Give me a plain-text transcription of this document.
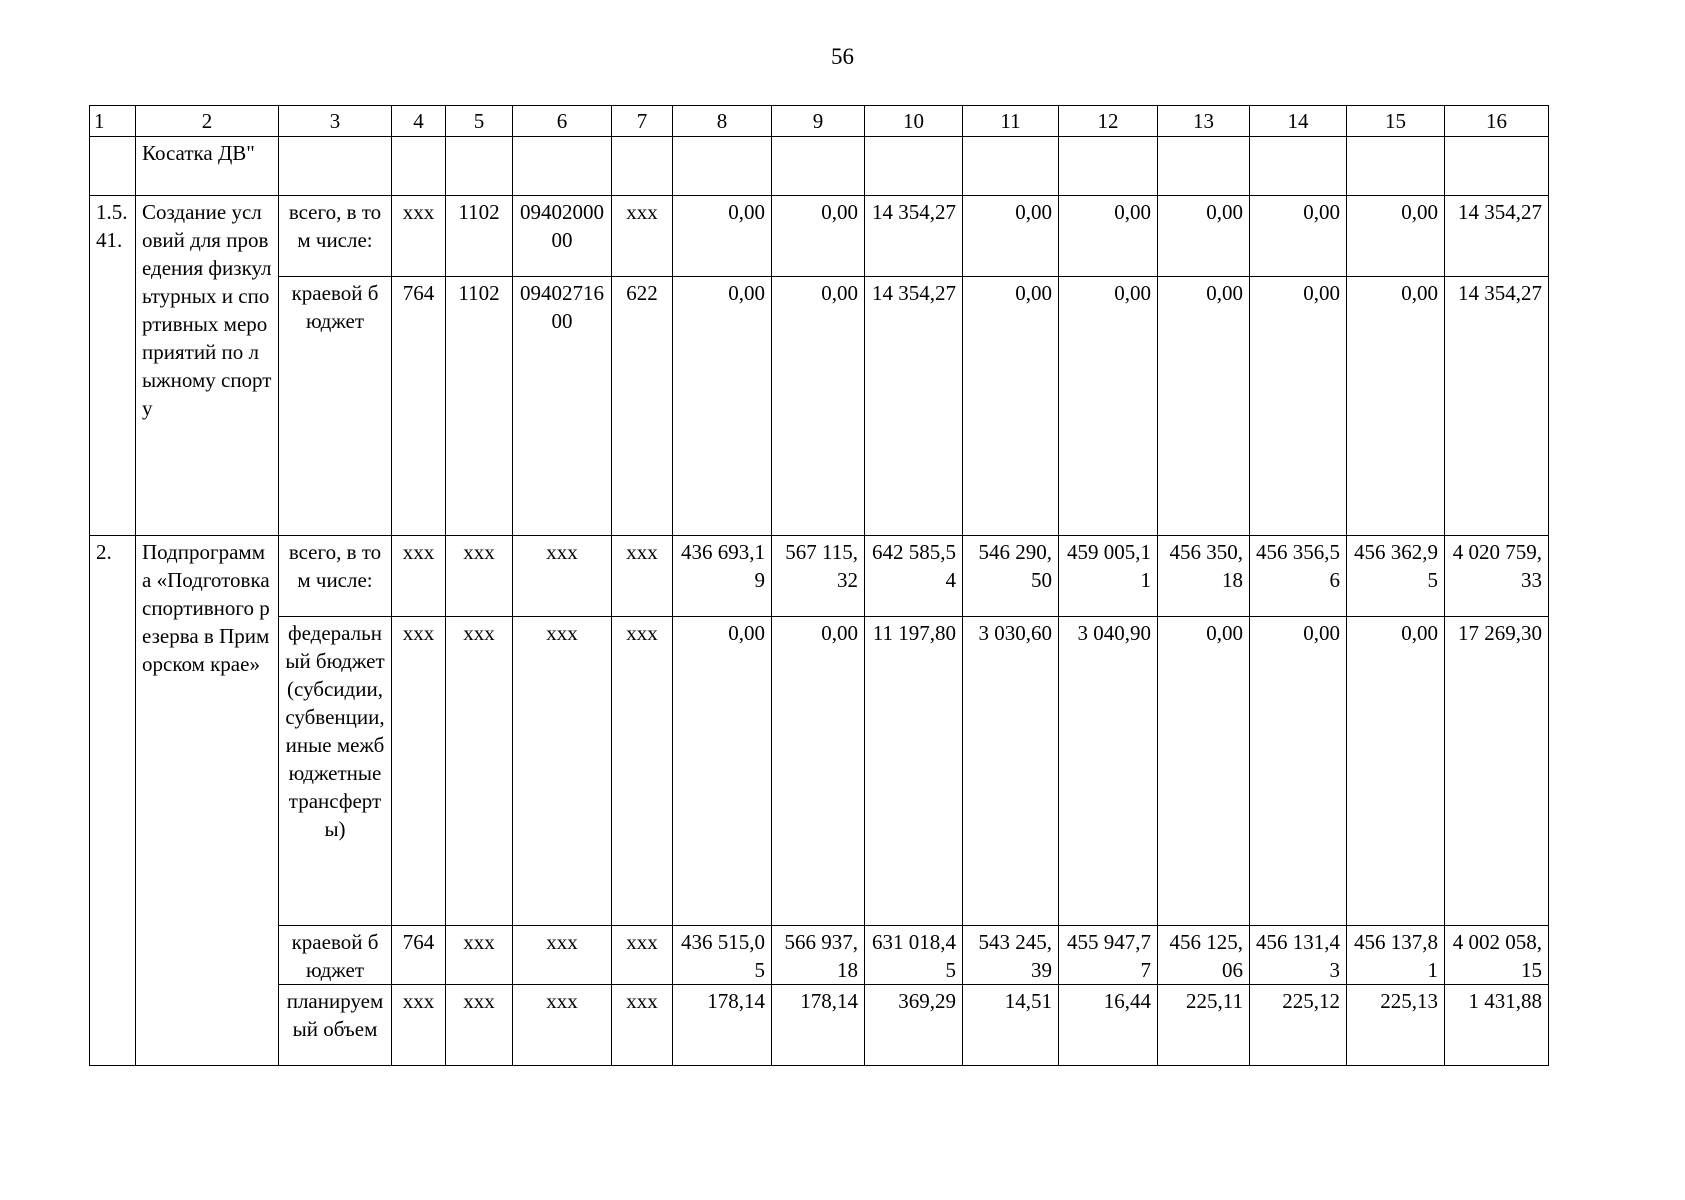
56
1	2	3	4	5	6	7	8	9	10	11	12	13	14	15	16
	Косатка ДВ"														
1.5.41.	Создание условий для проведения физкультурных и спортивных мероприятий по лыжному спорту	всего, в том числе:	ххх	1102	0940200000	ххх	0,00	0,00	14 354,27	0,00	0,00	0,00	0,00	0,00	14 354,27
		краевой бюджет	764	1102	0940271600	622	0,00	0,00	14 354,27	0,00	0,00	0,00	0,00	0,00	14 354,27
2.	Подпрограмма «Подготовка спортивного резерва в Приморском крае»	всего, в том числе:	ххх	ххх	ххх	ххх	436 693,19	567 115,32	642 585,54	546 290,50	459 005,11	456 350,18	456 356,56	456 362,95	4 020 759,33
		федеральный бюджет (субсидии, субвенции, иные межбюджетные трансферты)	ххх	ххх	ххх	ххх	0,00	0,00	11 197,80	3 030,60	3 040,90	0,00	0,00	0,00	17 269,30
		краевой бюджет	764	ххх	ххх	ххх	436 515,05	566 937,18	631 018,45	543 245,39	455 947,77	456 125,06	456 131,43	456 137,81	4 002 058,15
		планируемый объем	ххх	ххх	ххх	ххх	178,14	178,14	369,29	14,51	16,44	225,11	225,12	225,13	1 431,88
